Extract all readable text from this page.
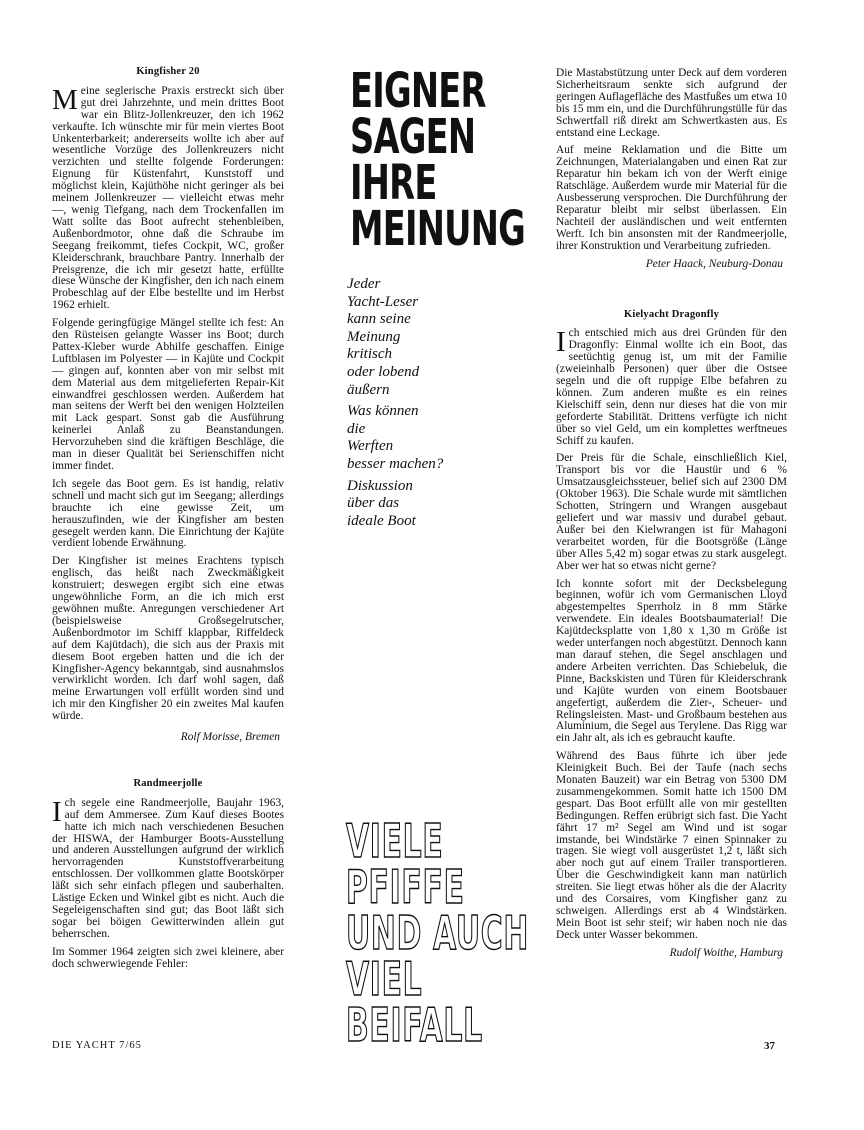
Kingfisher 20

Meine seglerische Praxis erstreckt sich über gut drei Jahrzehnte, und mein drittes Boot war ein Blitz-Jollenkreuzer, den ich 1962 verkaufte. Ich wünschte mir für mein viertes Boot Unkenterbarkeit; andererseits wollte ich aber auf wesentliche Vorzüge des Jollenkreuzers nicht verzichten und stellte folgende Forderungen: Eignung für Küstenfahrt, Kunststoff und möglichst klein, Kajüthöhe nicht geringer als bei meinem Jollenkreuzer — vielleicht etwas mehr —, wenig Tiefgang, nach dem Trockenfallen im Watt sollte das Boot aufrecht stehenbleiben, Außenbordmotor, ohne daß die Schraube im Seegang freikommt, tiefes Cockpit, WC, großer Kleiderschrank, brauchbare Pantry. Innerhalb der Preisgrenze, die ich mir gesetzt hatte, erfüllte diese Wünsche der Kingfisher, den ich nach einem Probeschlag auf der Elbe bestellte und im Herbst 1962 erhielt.

Folgende geringfügige Mängel stellte ich fest: An den Rüsteisen gelangte Wasser ins Boot; durch Pattex-Kleber wurde Abhilfe geschaffen. Einige Luftblasen im Polyester — in Kajüte und Cockpit — gingen auf, konnten aber von mir selbst mit dem Material aus dem mitgelieferten Repair-Kit einwandfrei geschlossen werden. Außerdem hat man seitens der Werft bei den wenigen Holzteilen mit Lack gespart. Sonst gab die Ausführung keinerlei Anlaß zu Beanstandungen. Hervorzuheben sind die kräftigen Beschläge, die man in dieser Qualität bei Serienschiffen nicht immer findet.

Ich segele das Boot gern. Es ist handig, relativ schnell und macht sich gut im Seegang; allerdings brauchte ich eine gewisse Zeit, um herauszufinden, wie der Kingfisher am besten gesegelt werden kann. Die Einrichtung der Kajüte verdient lobende Erwähnung.

Der Kingfisher ist meines Erachtens typisch englisch, das heißt nach Zweckmäßigkeit konstruiert; deswegen ergibt sich eine etwas ungewöhnliche Form, an die ich mich erst gewöhnen mußte. Anregungen verschiedener Art (beispielsweise Großsegelrutscher, Außenbordmotor im Schiff klappbar, Riffeldeck auf dem Kajütdach), die sich aus der Praxis mit diesem Boot ergeben hatten und die ich der Kingfisher-Agency bekanntgab, sind ausnahmslos verwirklicht worden. Ich darf wohl sagen, daß meine Erwartungen voll erfüllt worden sind und ich mir den Kingfisher 20 ein zweites Mal kaufen würde.

Rolf Morisse, Bremen
Randmeerjolle

Ich segele eine Randmeerjolle, Baujahr 1963, auf dem Ammersee. Zum Kauf dieses Bootes hatte ich mich nach verschiedenen Besuchen der HISWA, der Hamburger Boots-Ausstellung und anderen Ausstellungen aufgrund der wirklich hervorragenden Kunststoffverarbeitung entschlossen. Der vollkommen glatte Bootskörper läßt sich sehr einfach pflegen und sauberhalten. Lästige Ecken und Winkel gibt es nicht. Auch die Segeleigenschaften sind gut; das Boot läßt sich sogar bei böigen Gewitterwinden allein gut beherrschen.

Im Sommer 1964 zeigten sich zwei kleinere, aber doch schwerwiegende Fehler:

EIGNER
SAGEN
IHRE
MEINUNG

Jeder
Yacht-Leser
kann seine
Meinung
kritisch
oder lobend
äußern

Was können
die
Werften
besser machen?

Diskussion
über das
ideale Boot

VIELE
PFIFFE
UND AUCH
VIEL
BEIFALL

Die Mastabstützung unter Deck auf dem vorderen Sicherheitsraum senkte sich aufgrund der geringen Auflagefläche des Mastfußes um etwa 10 bis 15 mm ein, und die Durchführungstülle für das Schwertfall riß direkt am Schwertkasten aus. Es entstand eine Leckage.

Auf meine Reklamation und die Bitte um Zeichnungen, Materialangaben und einen Rat zur Reparatur hin bekam ich von der Werft einige Ratschläge. Außerdem wurde mir Material für die Ausbesserung versprochen. Die Durchführung der Reparatur bleibt mir selbst überlassen. Ein Nachteil der ausländischen und weit entfernten Werft. Ich bin ansonsten mit der Randmeerjolle, ihrer Konstruktion und Verarbeitung zufrieden.

Peter Haack, Neuburg-Donau
Kielyacht Dragonfly

Ich entschied mich aus drei Gründen für den Dragonfly: Einmal wollte ich ein Boot, das seetüchtig genug ist, um mit der Familie (zweieinhalb Personen) quer über die Ostsee segeln und die oft ruppige Elbe befahren zu können. Zum anderen mußte es ein reines Kielschiff sein, denn nur dieses hat die von mir geforderte Stabilität. Drittens verfügte ich nicht über so viel Geld, um ein komplettes werftneues Schiff zu kaufen.

Der Preis für die Schale, einschließlich Kiel, Transport bis vor die Haustür und 6 % Umsatzausgleichssteuer, belief sich auf 2300 DM (Oktober 1963). Die Schale wurde mit sämtlichen Schotten, Stringern und Wrangen ausgebaut geliefert und war massiv und durabel gebaut. Außer bei den Kielwrangen ist für Mahagoni verarbeitet worden, für die Bootsgröße (Länge über Alles 5,42 m) sogar etwas zu stark ausgelegt. Aber wer hat so etwas nicht gerne?

Ich konnte sofort mit der Decksbelegung beginnen, wofür ich vom Germanischen Lloyd abgestempeltes Sperrholz in 8 mm Stärke verwendete. Ein ideales Bootsbaumaterial! Die Kajütdecksplatte von 1,80 x 1,30 m Größe ist weder unterfangen noch abgestützt. Dennoch kann man darauf stehen, die Segel anschlagen und andere Arbeiten verrichten. Das Schiebeluk, die Pinne, Backskisten und Türen für Kleiderschrank und Kajüte wurden von einem Bootsbauer angefertigt, außerdem die Zier-, Scheuer- und Relingsleisten. Mast- und Großbaum bestehen aus Aluminium, die Segel aus Terylene. Das Rigg war ein Jahr alt, als ich es gebraucht kaufte.

Während des Baus führte ich über jede Kleinigkeit Buch. Bei der Taufe (nach sechs Monaten Bauzeit) war ein Betrag von 5300 DM zusammengekommen. Somit hatte ich 1500 DM gespart. Das Boot erfüllt alle von mir gestellten Bedingungen. Reffen erübrigt sich fast. Die Yacht fährt 17 m² Segel am Wind und ist sogar imstande, bei Windstärke 7 einen Spinnaker zu tragen. Sie wiegt voll ausgerüstet 1,2 t, läßt sich aber noch gut auf einem Trailer transportieren. Über die Geschwindigkeit kann man natürlich streiten. Sie liegt etwas höher als die der Alacrity und des Corsaires, vom Kingfisher ganz zu schweigen. Allerdings erst ab 4 Windstärken. Mein Boot ist sehr steif; wir haben noch nie das Deck unter Wasser bekommen.

Rudolf Woithe, Hamburg
DIE YACHT 7/65	37
